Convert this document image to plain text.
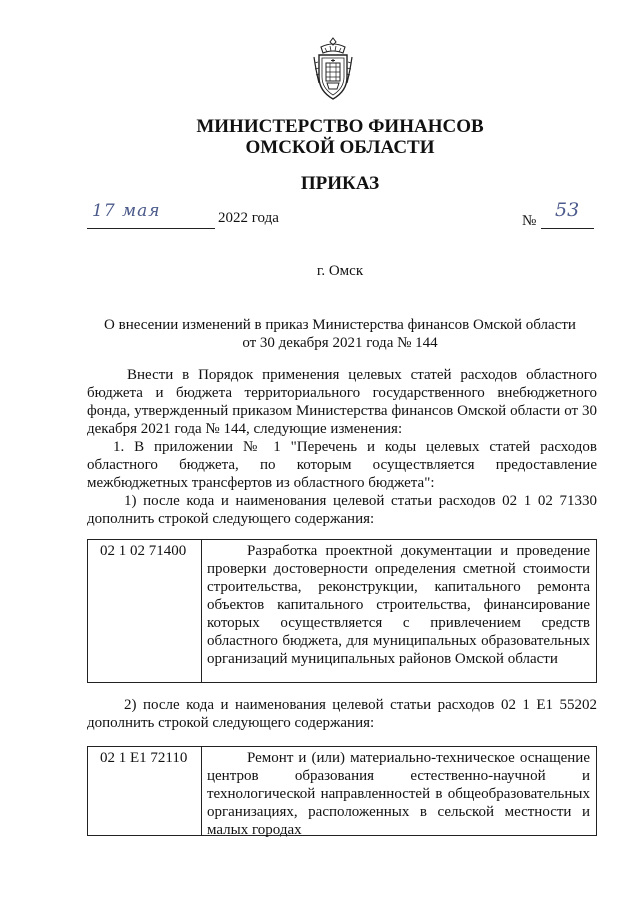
МИНИСТЕРСТВО ФИНАНСОВ
ОМСКОЙ ОБЛАСТИ
ПРИКАЗ
17 мая	2022 года	№ 53
г. Омск
О внесении изменений в приказ Министерства финансов Омской области
от 30 декабря 2021 года № 144
Внести в Порядок применения целевых статей расходов областного бюджета и бюджета территориального государственного внебюджетного фонда, утвержденный приказом Министерства финансов Омской области от 30 декабря 2021 года № 144, следующие изменения:
1. В приложении № 1 "Перечень и коды целевых статей расходов областного бюджета, по которым осуществляется предоставление межбюджетных трансфертов из областного бюджета":
1) после кода и наименования целевой статьи расходов 02 1 02 71330 дополнить строкой следующего содержания:
02 1 02 71400	Разработка проектной документации и проведение проверки достоверности определения сметной стоимости строительства, реконструкции, капитального ремонта объектов капитального строительства, финансирование которых осуществляется с привлечением средств областного бюджета, для муниципальных образовательных организаций муниципальных районов Омской области
2) после кода и наименования целевой статьи расходов 02 1 E1 55202 дополнить строкой следующего содержания:
02 1 E1 72110	Ремонт и (или) материально-техническое оснащение центров образования естественно-научной и технологической направленностей в общеобразовательных организациях, расположенных в сельской местности и малых городах
